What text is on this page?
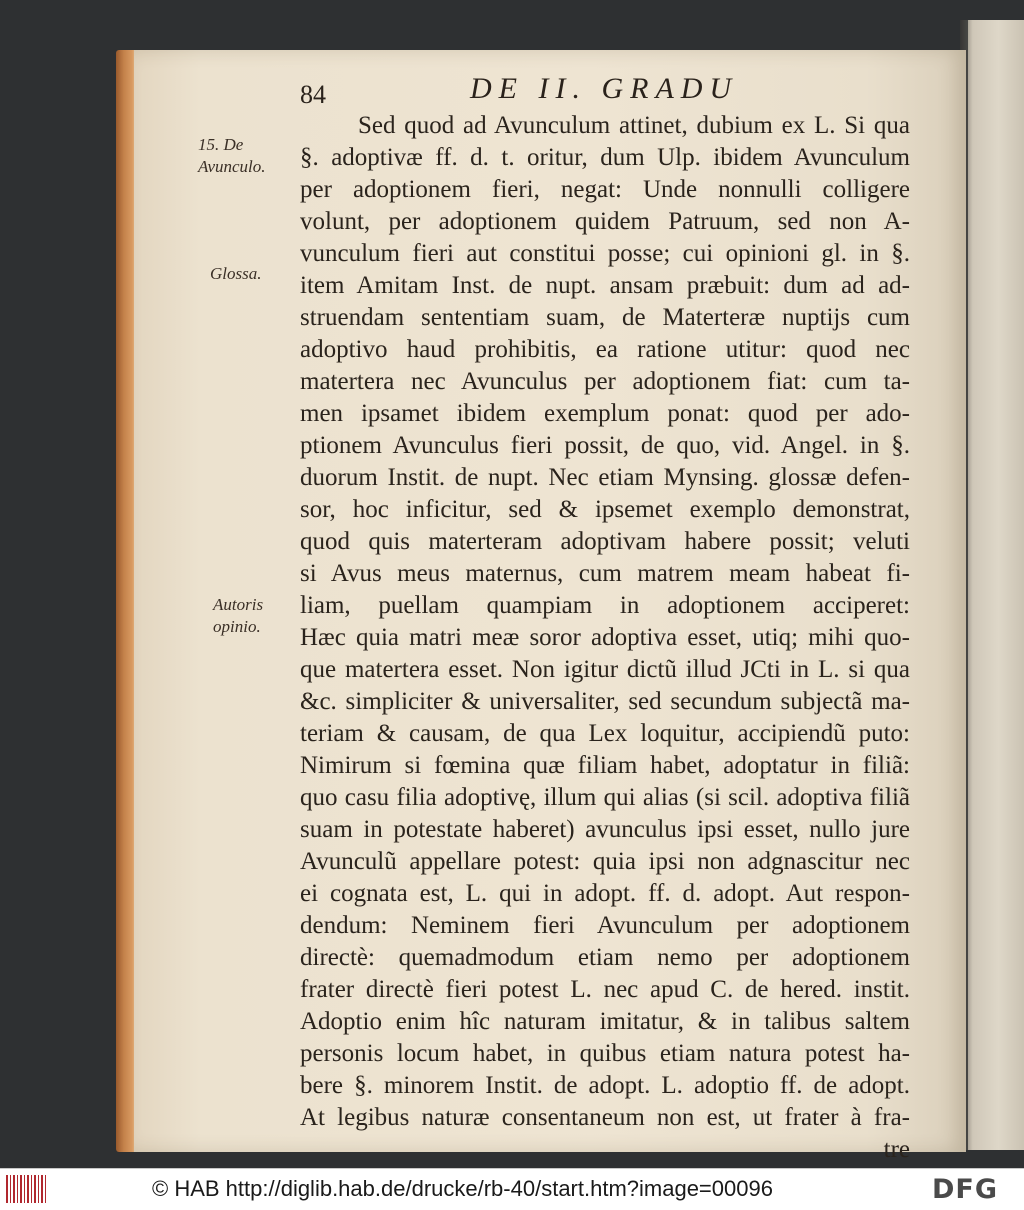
84	DE II. GRADU
15. De Avunculo.
Glossa.
Autoris opinio.
Sed quod ad Avunculum attinet, dubium ex L. Si qua
§. adoptivæ ff. d. t. oritur, dum Ulp. ibidem Avunculum
per adoptionem fieri, negat: Unde nonnulli colligere
volunt, per adoptionem quidem Patruum, sed non A-
vunculum fieri aut constitui posse; cui opinioni gl. in §.
item Amitam Inst. de nupt. ansam præbuit: dum ad ad-
struendam sententiam suam, de Materteræ nuptijs cum
adoptivo haud prohibitis, ea ratione utitur: quod nec
matertera nec Avunculus per adoptionem fiat: cum ta-
men ipsamet ibidem exemplum ponat: quod per ado-
ptionem Avunculus fieri possit, de quo, vid. Angel. in §.
duorum Instit. de nupt. Nec etiam Mynsing. glossæ defen-
sor, hoc inficitur, sed & ipsemet exemplo demonstrat,
quod quis materteram adoptivam habere possit; veluti
si Avus meus maternus, cum matrem meam habeat fi-
liam, puellam quampiam in adoptionem acciperet:
Hæc quia matri meæ soror adoptiva esset, utiq; mihi quo-
que matertera esset. Non igitur dictũ illud JCti in L. si qua
&c. simpliciter & universaliter, sed secundum subjectã ma-
teriam & causam, de qua Lex loquitur, accipiendũ puto:
Nimirum si fœmina quæ filiam habet, adoptatur in filiã:
quo casu filia adoptivę, illum qui alias (si scil. adoptiva filiã
suam in potestate haberet) avunculus ipsi esset, nullo jure
Avunculũ appellare potest: quia ipsi non adgnascitur nec
ei cognata est, L. qui in adopt. ff. d. adopt. Aut respon-
dendum: Neminem fieri Avunculum per adoptionem
directè: quemadmodum etiam nemo per adoptionem
frater directè fieri potest L. nec apud C. de hered. instit.
Adoptio enim hîc naturam imitatur, & in talibus saltem
personis locum habet, in quibus etiam natura potest ha-
bere §. minorem Instit. de adopt. L. adoptio ff. de adopt.
At legibus naturæ consentaneum non est, ut frater à fra-
tre
© HAB http://diglib.hab.de/drucke/rb-40/start.htm?image=00096	DFG
